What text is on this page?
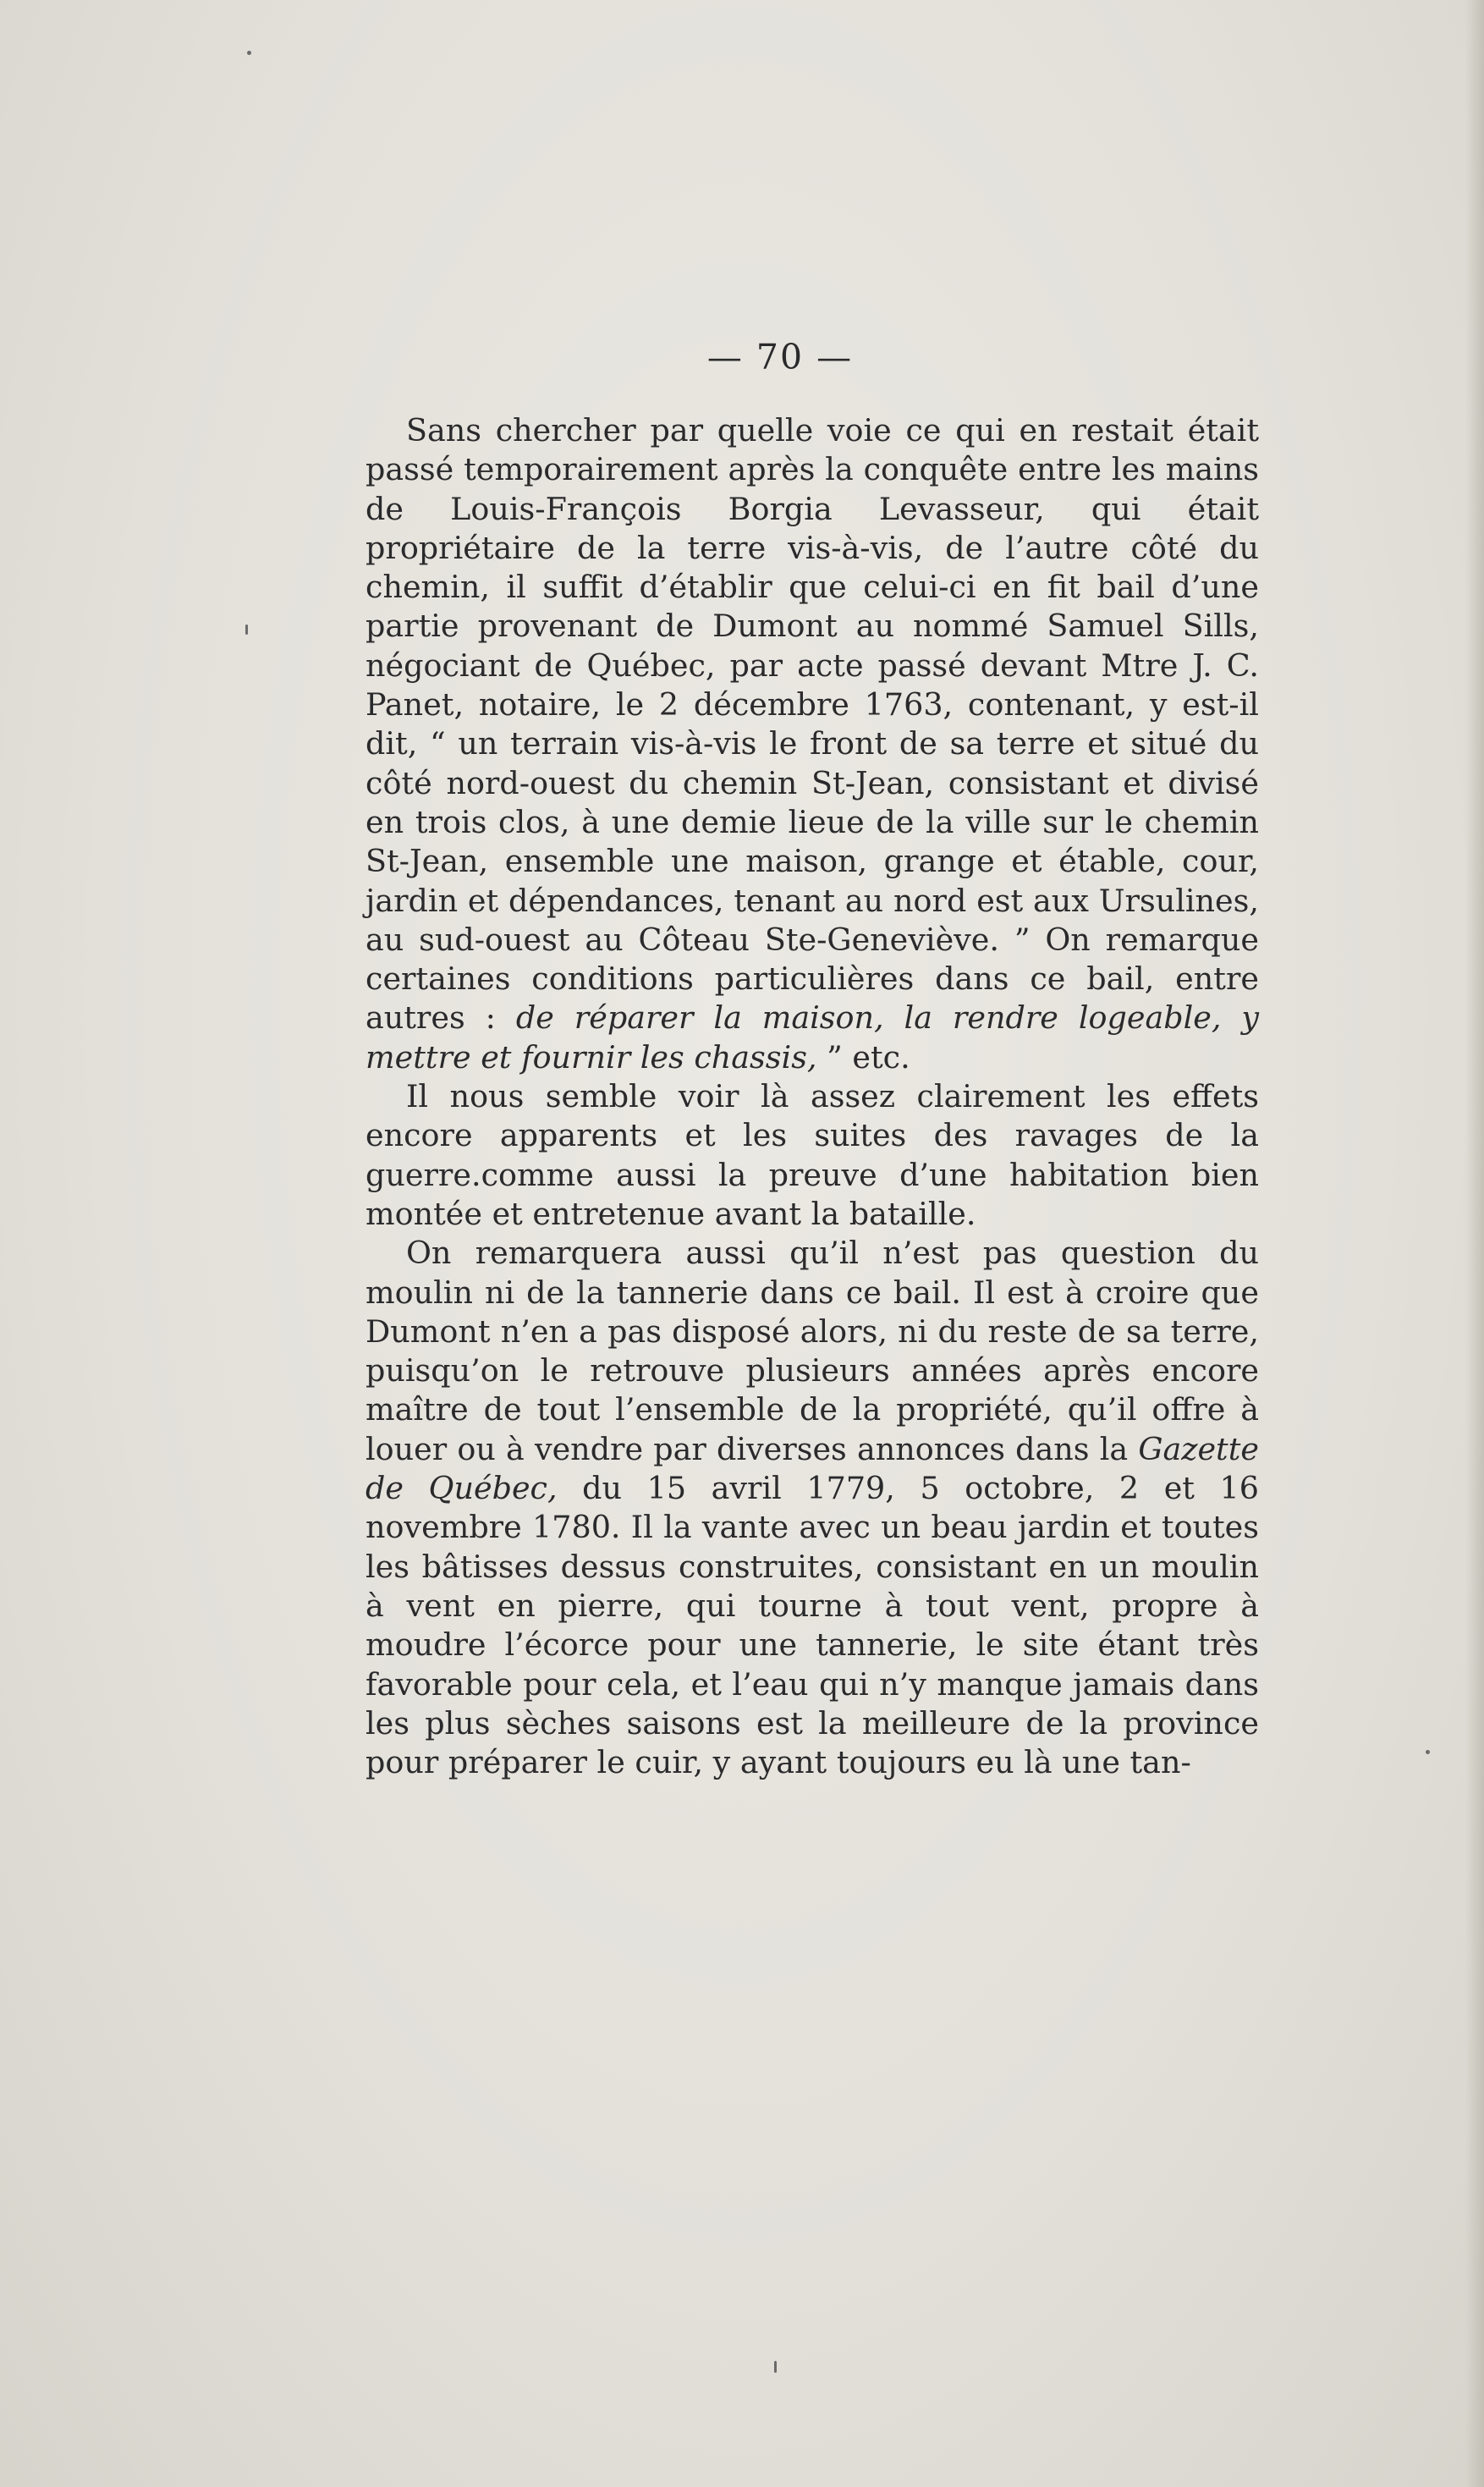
— 70 —

Sans chercher par quelle voie ce qui en restait était passé temporairement après la conquête entre les mains de Louis-François Borgia Levasseur, qui était propriétaire de la terre vis-à-vis, de l’autre côté du chemin, il suffit d’établir que celui-ci en fit bail d’une partie provenant de Dumont au nommé Samuel Sills, négociant de Québec, par acte passé devant Mtre J. C. Panet, notaire, le 2 décembre 1763, contenant, y est-il dit, “ un terrain vis-à-vis le front de sa terre et situé du côté nord-ouest du chemin St-Jean, consistant et divisé en trois clos, à une demie lieue de la ville sur le chemin St-Jean, ensemble une maison, grange et étable, cour, jardin et dépendances, tenant au nord est aux Ursulines, au sud-ouest au Côteau Ste-Geneviève. ” On remarque certaines conditions particulières dans ce bail, entre autres : de réparer la maison, la rendre logeable, y mettre et fournir les chassis, ” etc.

Il nous semble voir là assez clairement les effets encore apparents et les suites des ravages de la guerre.comme aussi la preuve d’une habitation bien montée et entretenue avant la bataille.

On remarquera aussi qu’il n’est pas question du moulin ni de la tannerie dans ce bail. Il est à croire que Dumont n’en a pas disposé alors, ni du reste de sa terre, puisqu’on le retrouve plusieurs années après encore maître de tout l’ensemble de la propriété, qu’il offre à louer ou à vendre par diverses annonces dans la Gazette de Québec, du 15 avril 1779, 5 octobre, 2 et 16 novembre 1780. Il la vante avec un beau jardin et toutes les bâtisses dessus construites, consistant en un moulin à vent en pierre, qui tourne à tout vent, propre à moudre l’écorce pour une tannerie, le site étant très favorable pour cela, et l’eau qui n’y manque jamais dans les plus sèches saisons est la meilleure de la province pour préparer le cuir, y ayant toujours eu là une tan-
